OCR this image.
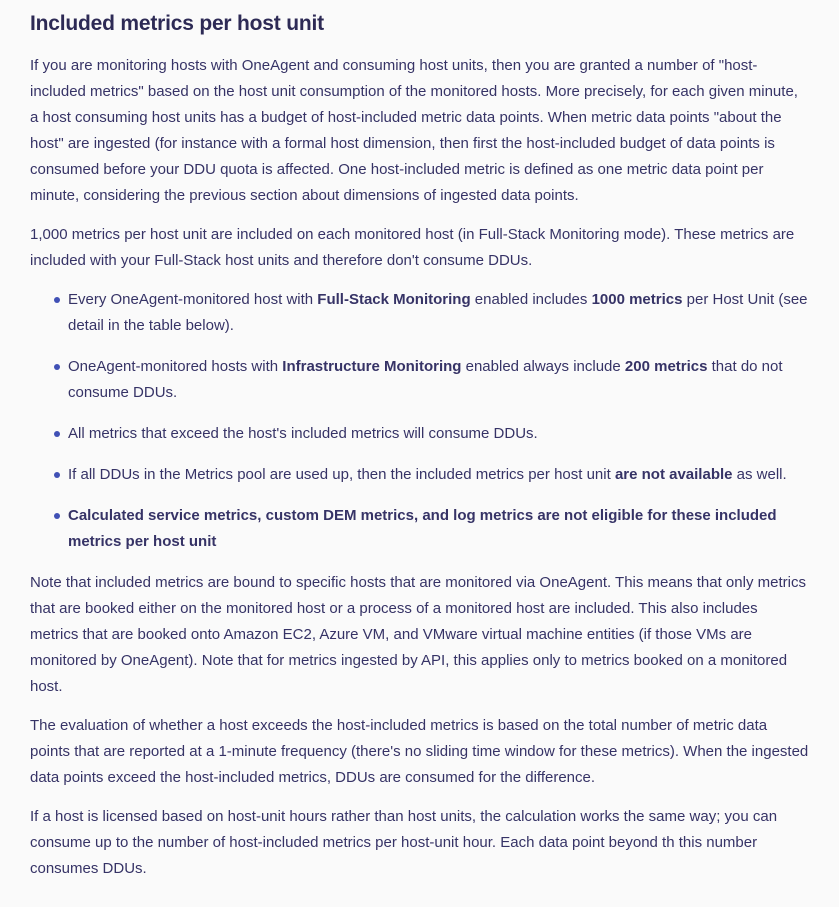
Included metrics per host unit

If you are monitoring hosts with OneAgent and consuming host units, then you are granted a number of "host-included metrics" based on the host unit consumption of the monitored hosts. More precisely, for each given minute, a host consuming host units has a budget of host-included metric data points. When metric data points "about the host" are ingested (for instance with a formal host dimension, then first the host-included budget of data points is consumed before your DDU quota is affected. One host-included metric is defined as one metric data point per minute, considering the previous section about dimensions of ingested data points.

1,000 metrics per host unit are included on each monitored host (in Full-Stack Monitoring mode). These metrics are included with your Full-Stack host units and therefore don't consume DDUs.

Every OneAgent-monitored host with Full-Stack Monitoring enabled includes 1000 metrics per Host Unit (see detail in the table below).
OneAgent-monitored hosts with Infrastructure Monitoring enabled always include 200 metrics that do not consume DDUs.
All metrics that exceed the host's included metrics will consume DDUs.
If all DDUs in the Metrics pool are used up, then the included metrics per host unit are not available as well.
Calculated service metrics, custom DEM metrics, and log metrics are not eligible for these included metrics per host unit

Note that included metrics are bound to specific hosts that are monitored via OneAgent. This means that only metrics that are booked either on the monitored host or a process of a monitored host are included. This also includes metrics that are booked onto Amazon EC2, Azure VM, and VMware virtual machine entities (if those VMs are monitored by OneAgent). Note that for metrics ingested by API, this applies only to metrics booked on a monitored host.

The evaluation of whether a host exceeds the host-included metrics is based on the total number of metric data points that are reported at a 1-minute frequency (there's no sliding time window for these metrics). When the ingested data points exceed the host-included metrics, DDUs are consumed for the difference.

If a host is licensed based on host-unit hours rather than host units, the calculation works the same way; you can consume up to the number of host-included metrics per host-unit hour. Each data point beyond th this number consumes DDUs.
